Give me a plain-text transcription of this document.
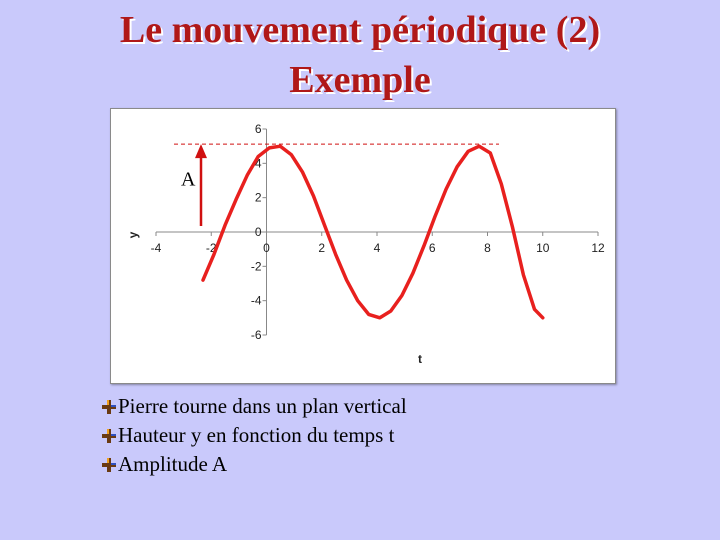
Le mouvement périodique (2)
Exemple
-4	-2	0	2	4	6	8	10	12
-6
-4
-2
0
2
4
6
t
y
A
Pierre tourne dans un plan vertical
Hauteur y en fonction du temps t
Amplitude A
